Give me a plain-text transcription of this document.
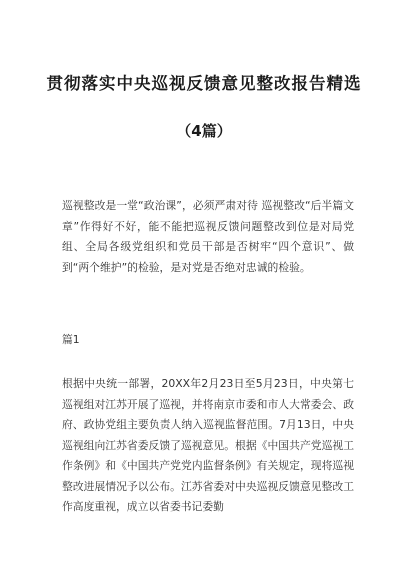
贯彻落实中央巡视反馈意见整改报告精选
（4篇）

巡视整改是一堂“政治课”，必须严肃对待 巡视整改“后半篇文章”作得好不好，能不能把巡视反馈问题整改到位是对局党组、全局各级党组织和党员干部是否树牢“四个意识”、做到“两个维护”的检验，是对党是否绝对忠诚的检验。

篇1

根据中央统一部署，20XX年2月23日至5月23日，中央第七巡视组对江苏开展了巡视，并将南京市委和市人大常委会、政府、政协党组主要负责人纳入巡视监督范围。7月13日，中央巡视组向江苏省委反馈了巡视意见。根据《中国共产党巡视工作条例》和《中国共产党党内监督条例》有关规定，现将巡视整改进展情况予以公布。江苏省委对中央巡视反馈意见整改工作高度重视，成立以省委书记委勤
